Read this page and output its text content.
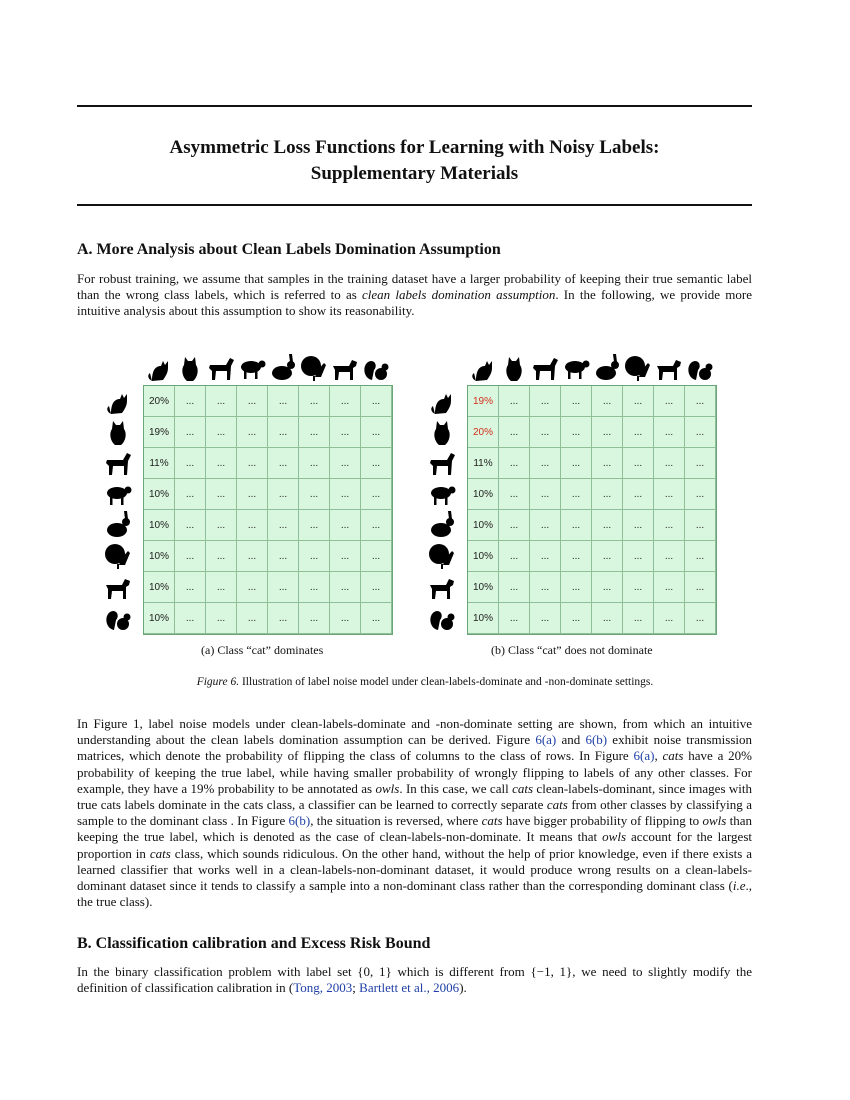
Asymmetric Loss Functions for Learning with Noisy Labels:
Supplementary Materials
A. More Analysis about Clean Labels Domination Assumption

For robust training, we assume that samples in the training dataset have a larger probability of keeping their true semantic label than the wrong class labels, which is referred to as clean labels domination assumption. In the following, we provide more intuitive analysis about this assumption to show its reasonability.

20%	...	...	...	...	...	...	...
19%	...	...	...	...	...	...	...
11%	...	...	...	...	...	...	...
10%	...	...	...	...	...	...	...
10%	...	...	...	...	...	...	...
10%	...	...	...	...	...	...	...
10%	...	...	...	...	...	...	...
10%	...	...	...	...	...	...	...
19%	...	...	...	...	...	...	...
20%	...	...	...	...	...	...	...
11%	...	...	...	...	...	...	...
10%	...	...	...	...	...	...	...
10%	...	...	...	...	...	...	...
10%	...	...	...	...	...	...	...
10%	...	...	...	...	...	...	...
10%	...	...	...	...	...	...	...
(a) Class “cat” dominates	(b) Class “cat” does not dominate
Figure 6. Illustration of label noise model under clean-labels-dominate and -non-dominate settings.

In Figure 1, label noise models under clean-labels-dominate and -non-dominate setting are shown, from which an intuitive understanding about the clean labels domination assumption can be derived. Figure 6(a) and 6(b) exhibit noise transmission matrices, which denote the probability of flipping the class of columns to the class of rows. In Figure 6(a), cats have a 20% probability of keeping the true label, while having smaller probability of wrongly flipping to labels of any other classes. For example, they have a 19% probability to be annotated as owls. In this case, we call cats clean-labels-dominant, since images with true cats labels dominate in the cats class, a classifier can be learned to correctly separate cats from other classes by classifying a sample to the dominant class . In Figure 6(b), the situation is reversed, where cats have bigger probability of flipping to owls than keeping the true label, which is denoted as the case of clean-labels-non-dominate. It means that owls account for the largest proportion in cats class, which sounds ridiculous. On the other hand, without the help of prior knowledge, even if there exists a learned classifier that works well in a clean-labels-non-dominant dataset, it would produce wrong results on a clean-labels-dominant dataset since it tends to classify a sample into a non-dominant class rather than the corresponding dominant class (i.e., the true class).

B. Classification calibration and Excess Risk Bound

In the binary classification problem with label set {0, 1} which is different from {−1, 1}, we need to slightly modify the definition of classification calibration in (Tong, 2003; Bartlett et al., 2006).
